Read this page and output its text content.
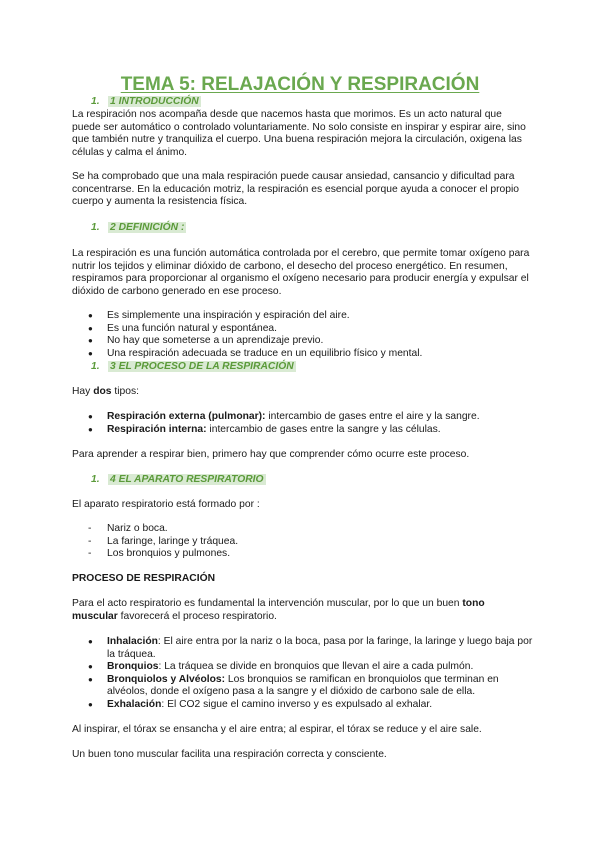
TEMA 5: RELAJACIÓN Y RESPIRACIÓN
1. 1 INTRODUCCIÓN

La respiración nos acompaña desde que nacemos hasta que morimos. Es un acto natural que puede ser automático o controlado voluntariamente. No solo consiste en inspirar y espirar aire, sino que también nutre y tranquiliza el cuerpo. Una buena respiración mejora la circulación, oxigena las células y calma el ánimo.

Se ha comprobado que una mala respiración puede causar ansiedad, cansancio y dificultad para concentrarse. En la educación motriz, la respiración es esencial porque ayuda a conocer el propio cuerpo y aumenta la resistencia física.

1. 2 DEFINICIÓN :

La respiración es una función automática controlada por el cerebro, que permite tomar oxígeno para nutrir los tejidos y eliminar dióxido de carbono, el desecho del proceso energético. En resumen, respiramos para proporcionar al organismo el oxígeno necesario para producir energía y expulsar el dióxido de carbono generado en ese proceso.

● Es simplemente una inspiración y espiración del aire.
● Es una función natural y espontánea.
● No hay que someterse a un aprendizaje previo.
● Una respiración adecuada se traduce en un equilibrio físico y mental.
1. 3 EL PROCESO DE LA RESPIRACIÓN

Hay dos tipos:

● Respiración externa (pulmonar): intercambio de gases entre el aire y la sangre.
● Respiración interna: intercambio de gases entre la sangre y las células.

Para aprender a respirar bien, primero hay que comprender cómo ocurre este proceso.

1. 4 EL APARATO RESPIRATORIO

El aparato respiratorio está formado por :

- Nariz o boca.
- La faringe, laringe y tráquea.
- Los bronquios y pulmones.
PROCESO DE RESPIRACIÓN

Para el acto respiratorio es fundamental la intervención muscular, por lo que un buen tono muscular favorecerá el proceso respiratorio.

● Inhalación: El aire entra por la nariz o la boca, pasa por la faringe, la laringe y luego baja por la tráquea.
● Bronquios: La tráquea se divide en bronquios que llevan el aire a cada pulmón.
● Bronquiolos y Alvéolos: Los bronquios se ramifican en bronquiolos que terminan en alvéolos, donde el oxígeno pasa a la sangre y el dióxido de carbono sale de ella.
● Exhalación: El CO2 sigue el camino inverso y es expulsado al exhalar.

Al inspirar, el tórax se ensancha y el aire entra; al espirar, el tórax se reduce y el aire sale.

Un buen tono muscular facilita una respiración correcta y consciente.
